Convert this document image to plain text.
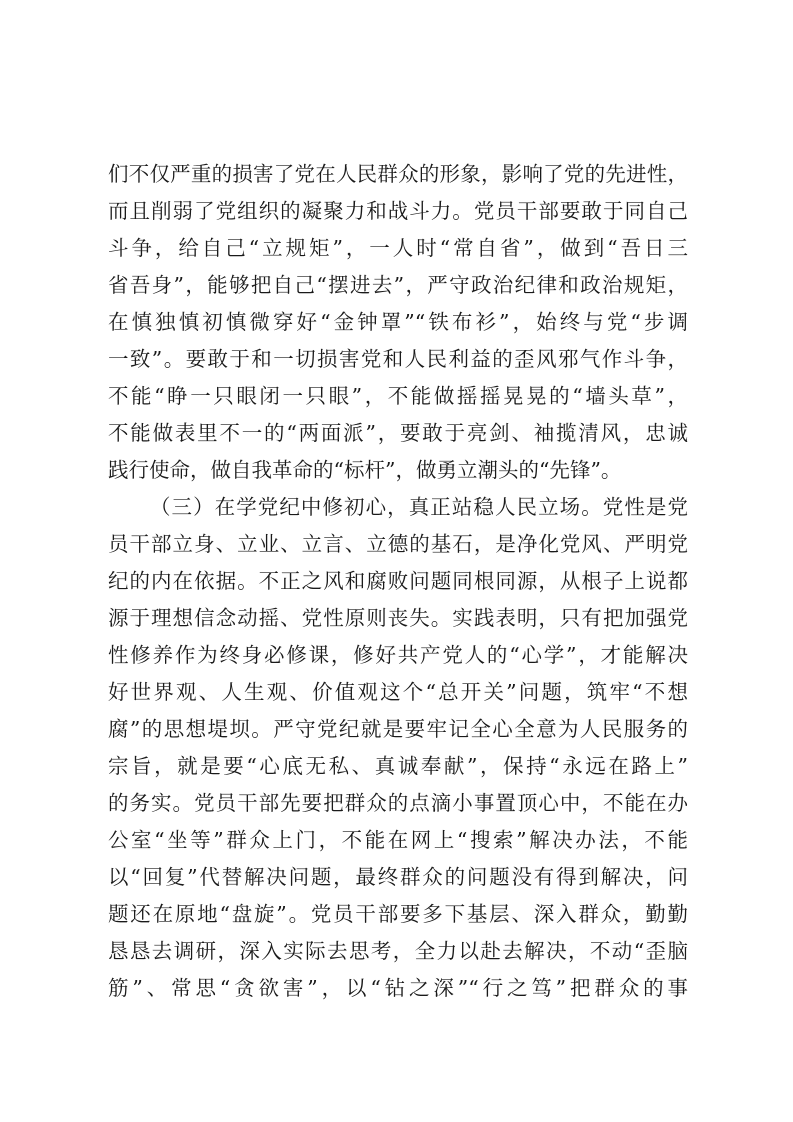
们不仅严重的损害了党在人民群众的形象，影响了党的先进性，
而且削弱了党组织的凝聚力和战斗力。党员干部要敢于同自己
斗争，给自己“立规矩”，一人时“常自省”，做到“吾日三
省吾身”，能够把自己“摆进去”，严守政治纪律和政治规矩，
在慎独慎初慎微穿好“金钟罩”“铁布衫”，始终与党“步调
一致”。要敢于和一切损害党和人民利益的歪风邪气作斗争，
不能“睁一只眼闭一只眼”，不能做摇摇晃晃的“墙头草”，
不能做表里不一的“两面派”，要敢于亮剑、袖揽清风，忠诚
践行使命，做自我革命的“标杆”，做勇立潮头的“先锋”。
（三）在学党纪中修初心，真正站稳人民立场。党性是党
员干部立身、立业、立言、立德的基石，是净化党风、严明党
纪的内在依据。不正之风和腐败问题同根同源，从根子上说都
源于理想信念动摇、党性原则丧失。实践表明，只有把加强党
性修养作为终身必修课，修好共产党人的“心学”，才能解决
好世界观、人生观、价值观这个“总开关”问题，筑牢“不想
腐”的思想堤坝。严守党纪就是要牢记全心全意为人民服务的
宗旨，就是要“心底无私、真诚奉献”，保持“永远在路上”
的务实。党员干部先要把群众的点滴小事置顶心中，不能在办
公室“坐等”群众上门，不能在网上“搜索”解决办法，不能
以“回复”代替解决问题，最终群众的问题没有得到解决，问
题还在原地“盘旋”。党员干部要多下基层、深入群众，勤勤
恳恳去调研，深入实际去思考，全力以赴去解决，不动“歪脑
筋”、常思“贪欲害”，以“钻之深”“行之笃”把群众的事
